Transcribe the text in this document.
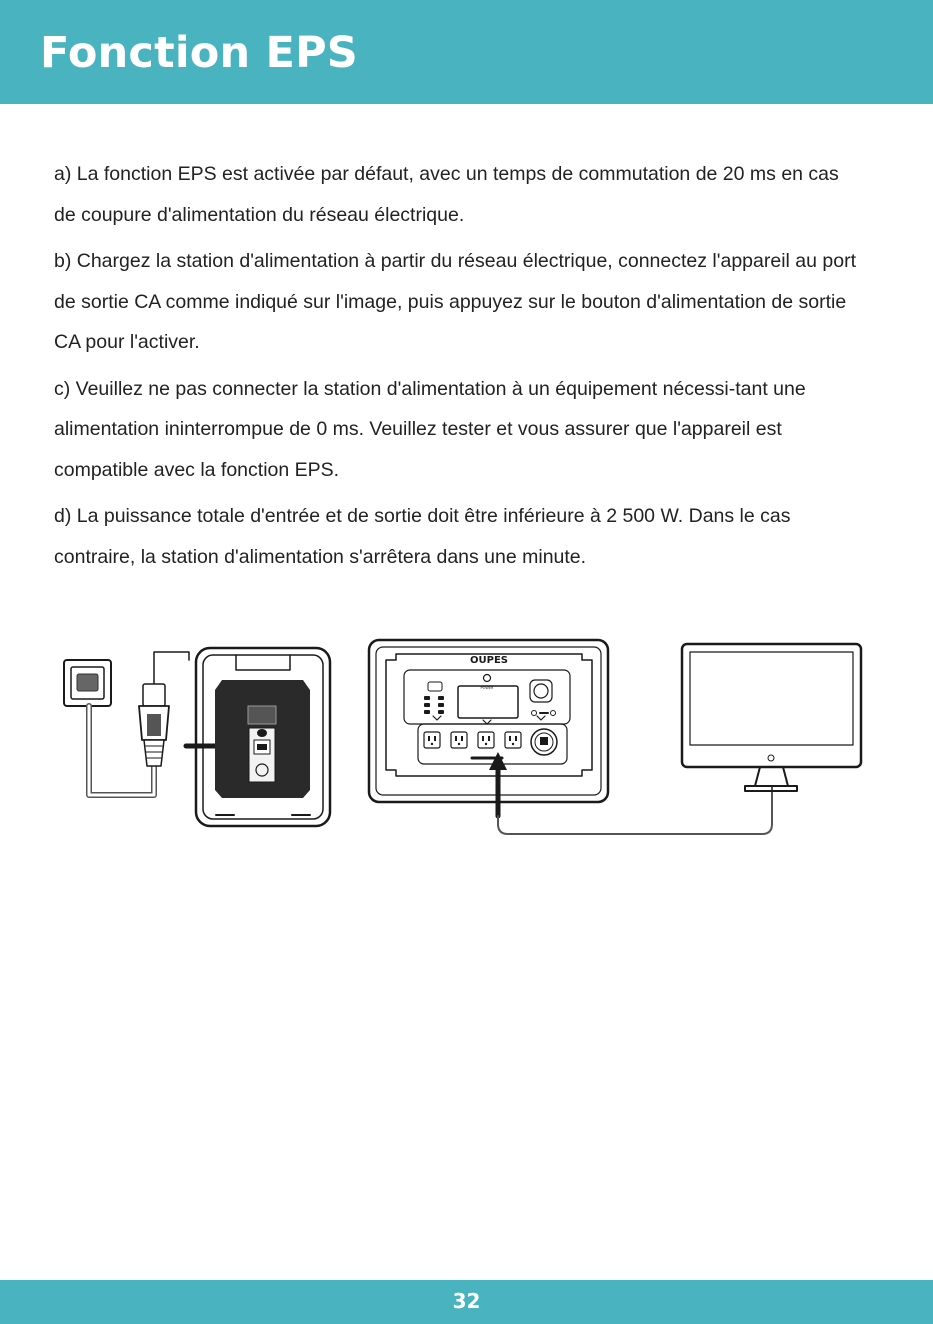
Fonction EPS

a) La fonction EPS est activée par défaut, avec un temps de commutation de 20 ms en cas de coupure d'alimentation du réseau électrique.

b) Chargez la station d'alimentation à partir du réseau électrique, connectez l'appareil au port de sortie CA comme indiqué sur l'image, puis appuyez sur le bouton d'alimentation de sortie CA pour l'activer.

c) Veuillez ne pas connecter la station d'alimentation à un équipement nécessi-tant une alimentation ininterrompue de 0 ms. Veuillez tester et vous assurer que l'appareil est compatible avec la fonction EPS.

d) La puissance totale d'entrée et de sortie doit être inférieure à 2 500 W. Dans le cas contraire, la station d'alimentation s'arrêtera dans une minute.

OUPES
POWER
32
